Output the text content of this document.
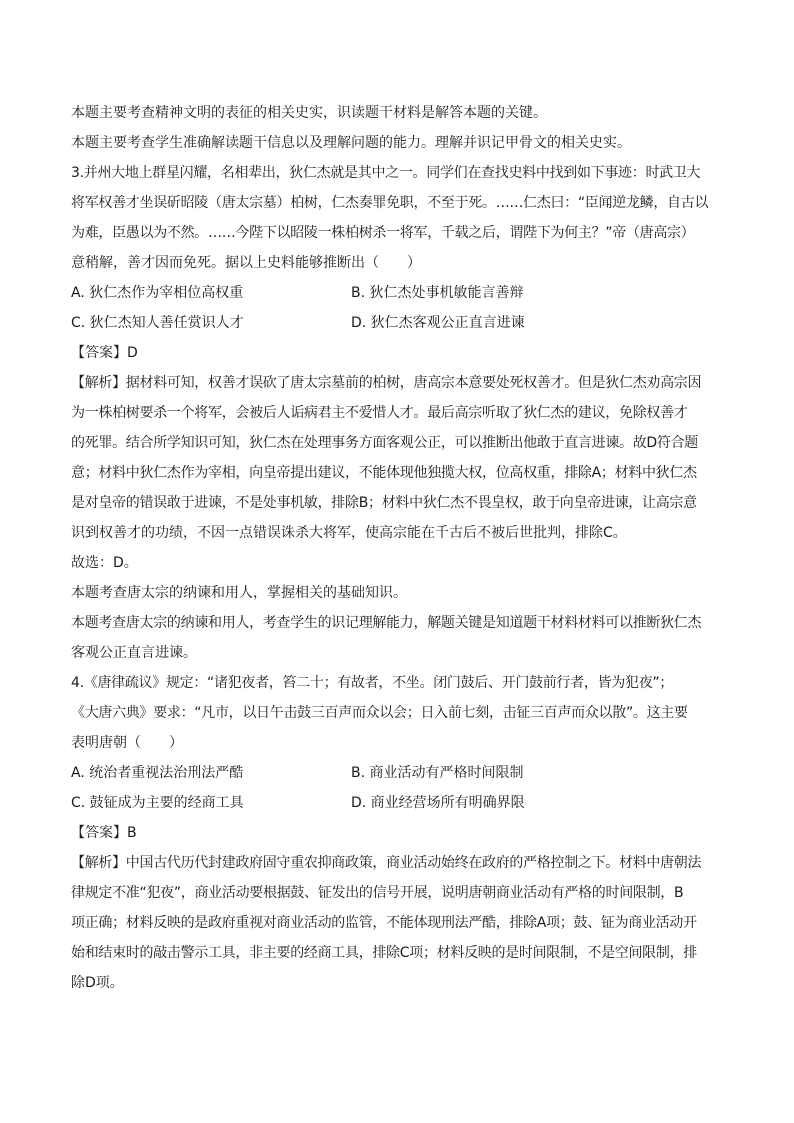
本题主要考查精神文明的表征的相关史实，识读题干材料是解答本题的关键。
本题主要考查学生准确解读题干信息以及理解问题的能力。理解并识记甲骨文的相关史实。
3.并州大地上群星闪耀，名相辈出，狄仁杰就是其中之一。同学们在查找史料中找到如下事迹：时武卫大
将军权善才坐误斫昭陵（唐太宗墓）柏树，仁杰奏罪免职，不至于死。……仁杰曰：“臣闻逆龙鳞，自古以
为难，臣愚以为不然。……今陛下以昭陵一株柏树杀一将军，千载之后，谓陛下为何主？”帝（唐高宗）
意稍解，善才因而免死。据以上史料能够推断出（　　）
A. 狄仁杰作为宰相位高权重	B. 狄仁杰处事机敏能言善辩
C. 狄仁杰知人善任赏识人才	D. 狄仁杰客观公正直言进谏
【答案】D
【解析】据材料可知，权善才误砍了唐太宗墓前的柏树，唐高宗本意要处死权善才。但是狄仁杰劝高宗因
为一株柏树要杀一个将军，会被后人诟病君主不爱惜人才。最后高宗听取了狄仁杰的建议，免除权善才
的死罪。结合所学知识可知，狄仁杰在处理事务方面客观公正，可以推断出他敢于直言进谏。故D符合题
意；材料中狄仁杰作为宰相，向皇帝提出建议，不能体现他独揽大权，位高权重，排除A；材料中狄仁杰
是对皇帝的错误敢于进谏，不是处事机敏，排除B；材料中狄仁杰不畏皇权，敢于向皇帝进谏，让高宗意
识到权善才的功绩，不因一点错误诛杀大将军，使高宗能在千古后不被后世批判，排除C。
故选：D。
本题考查唐太宗的纳谏和用人，掌握相关的基础知识。
本题考查唐太宗的纳谏和用人，考查学生的识记理解能力，解题关键是知道题干材料材料可以推断狄仁杰
客观公正直言进谏。
4.《唐律疏议》规定：“诸犯夜者，笞二十；有故者，不坐。闭门鼓后、开门鼓前行者，皆为犯夜”；
《大唐六典》要求：“凡市，以日午击鼓三百声而众以会；日入前七刻，击钲三百声而众以散”。这主要
表明唐朝（　　）
A. 统治者重视法治刑法严酷	B. 商业活动有严格时间限制
C. 鼓钲成为主要的经商工具	D. 商业经营场所有明确界限
【答案】B
【解析】中国古代历代封建政府固守重农抑商政策，商业活动始终在政府的严格控制之下。材料中唐朝法
律规定不准“犯夜”，商业活动要根据鼓、钲发出的信号开展，说明唐朝商业活动有严格的时间限制，B
项正确；材料反映的是政府重视对商业活动的监管，不能体现刑法严酷，排除A项；鼓、钲为商业活动开
始和结束时的敲击警示工具，非主要的经商工具，排除C项；材料反映的是时间限制，不是空间限制，排
除D项。
